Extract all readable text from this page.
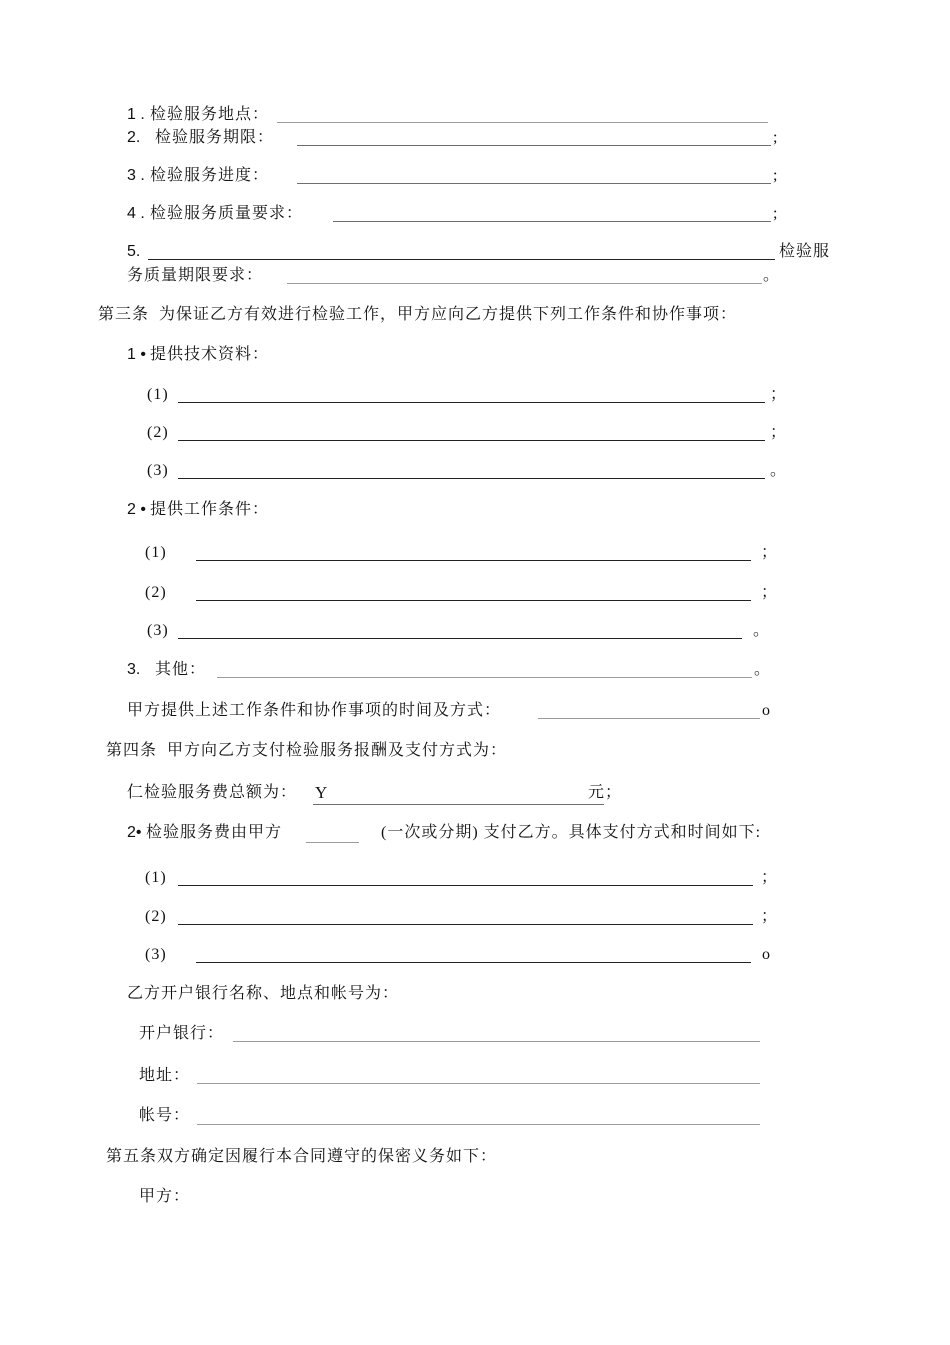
1 . 检验服务地点：
2. 检验服务期限：	;
3 . 检验服务进度：	;
4 . 检验服务质量要求：	;
5.	检验服
务质量期限要求：	。
第三条  为保证乙方有效进行检验工作，甲方应向乙方提供下列工作条件和协作事项：
1 • 提供技术资料：
(1)	；
(2)	；
(3)	。
2 • 提供工作条件：
(1)	；
(2)	；
(3)	。
3. 其他：	。
甲方提供上述工作条件和协作事项的时间及方式：	o
第四条  甲方向乙方支付检验服务报酬及支付方式为：
仁检验服务费总额为： Y	元；
2• 检验服务费由甲方	(一次或分期) 支付乙方。具体支付方式和时间如下:
(1)	；
(2)	；
(3)	o
乙方开户银行名称、地点和帐号为：
开户银行：
地址：
帐号：
第五条双方确定因履行本合同遵守的保密义务如下：
甲方：
